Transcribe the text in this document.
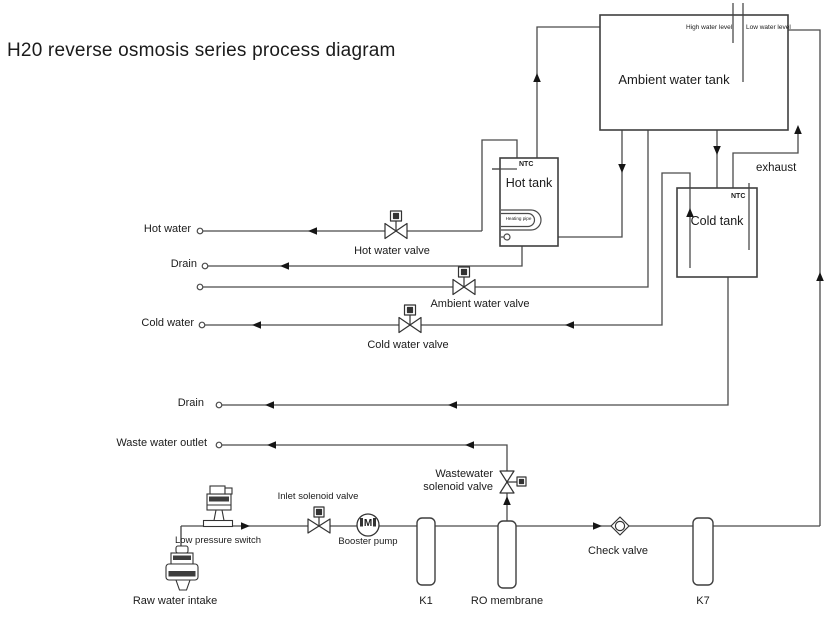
H20 reverse osmosis series process diagram
Ambient water tank
High water level Low water level
NTC
Hot tank
Heating pipe
NTC
Cold tank
exhaust
Hot water
Drain
Cold water
Drain
Waste water outlet
Hot water valve
Ambient water valve
Cold water valve
Wastewater
solenoid valve
Inlet solenoid valve
Check valve
Low pressure switch	Booster pump
M
Raw water intake	K1	RO membrane	K7
